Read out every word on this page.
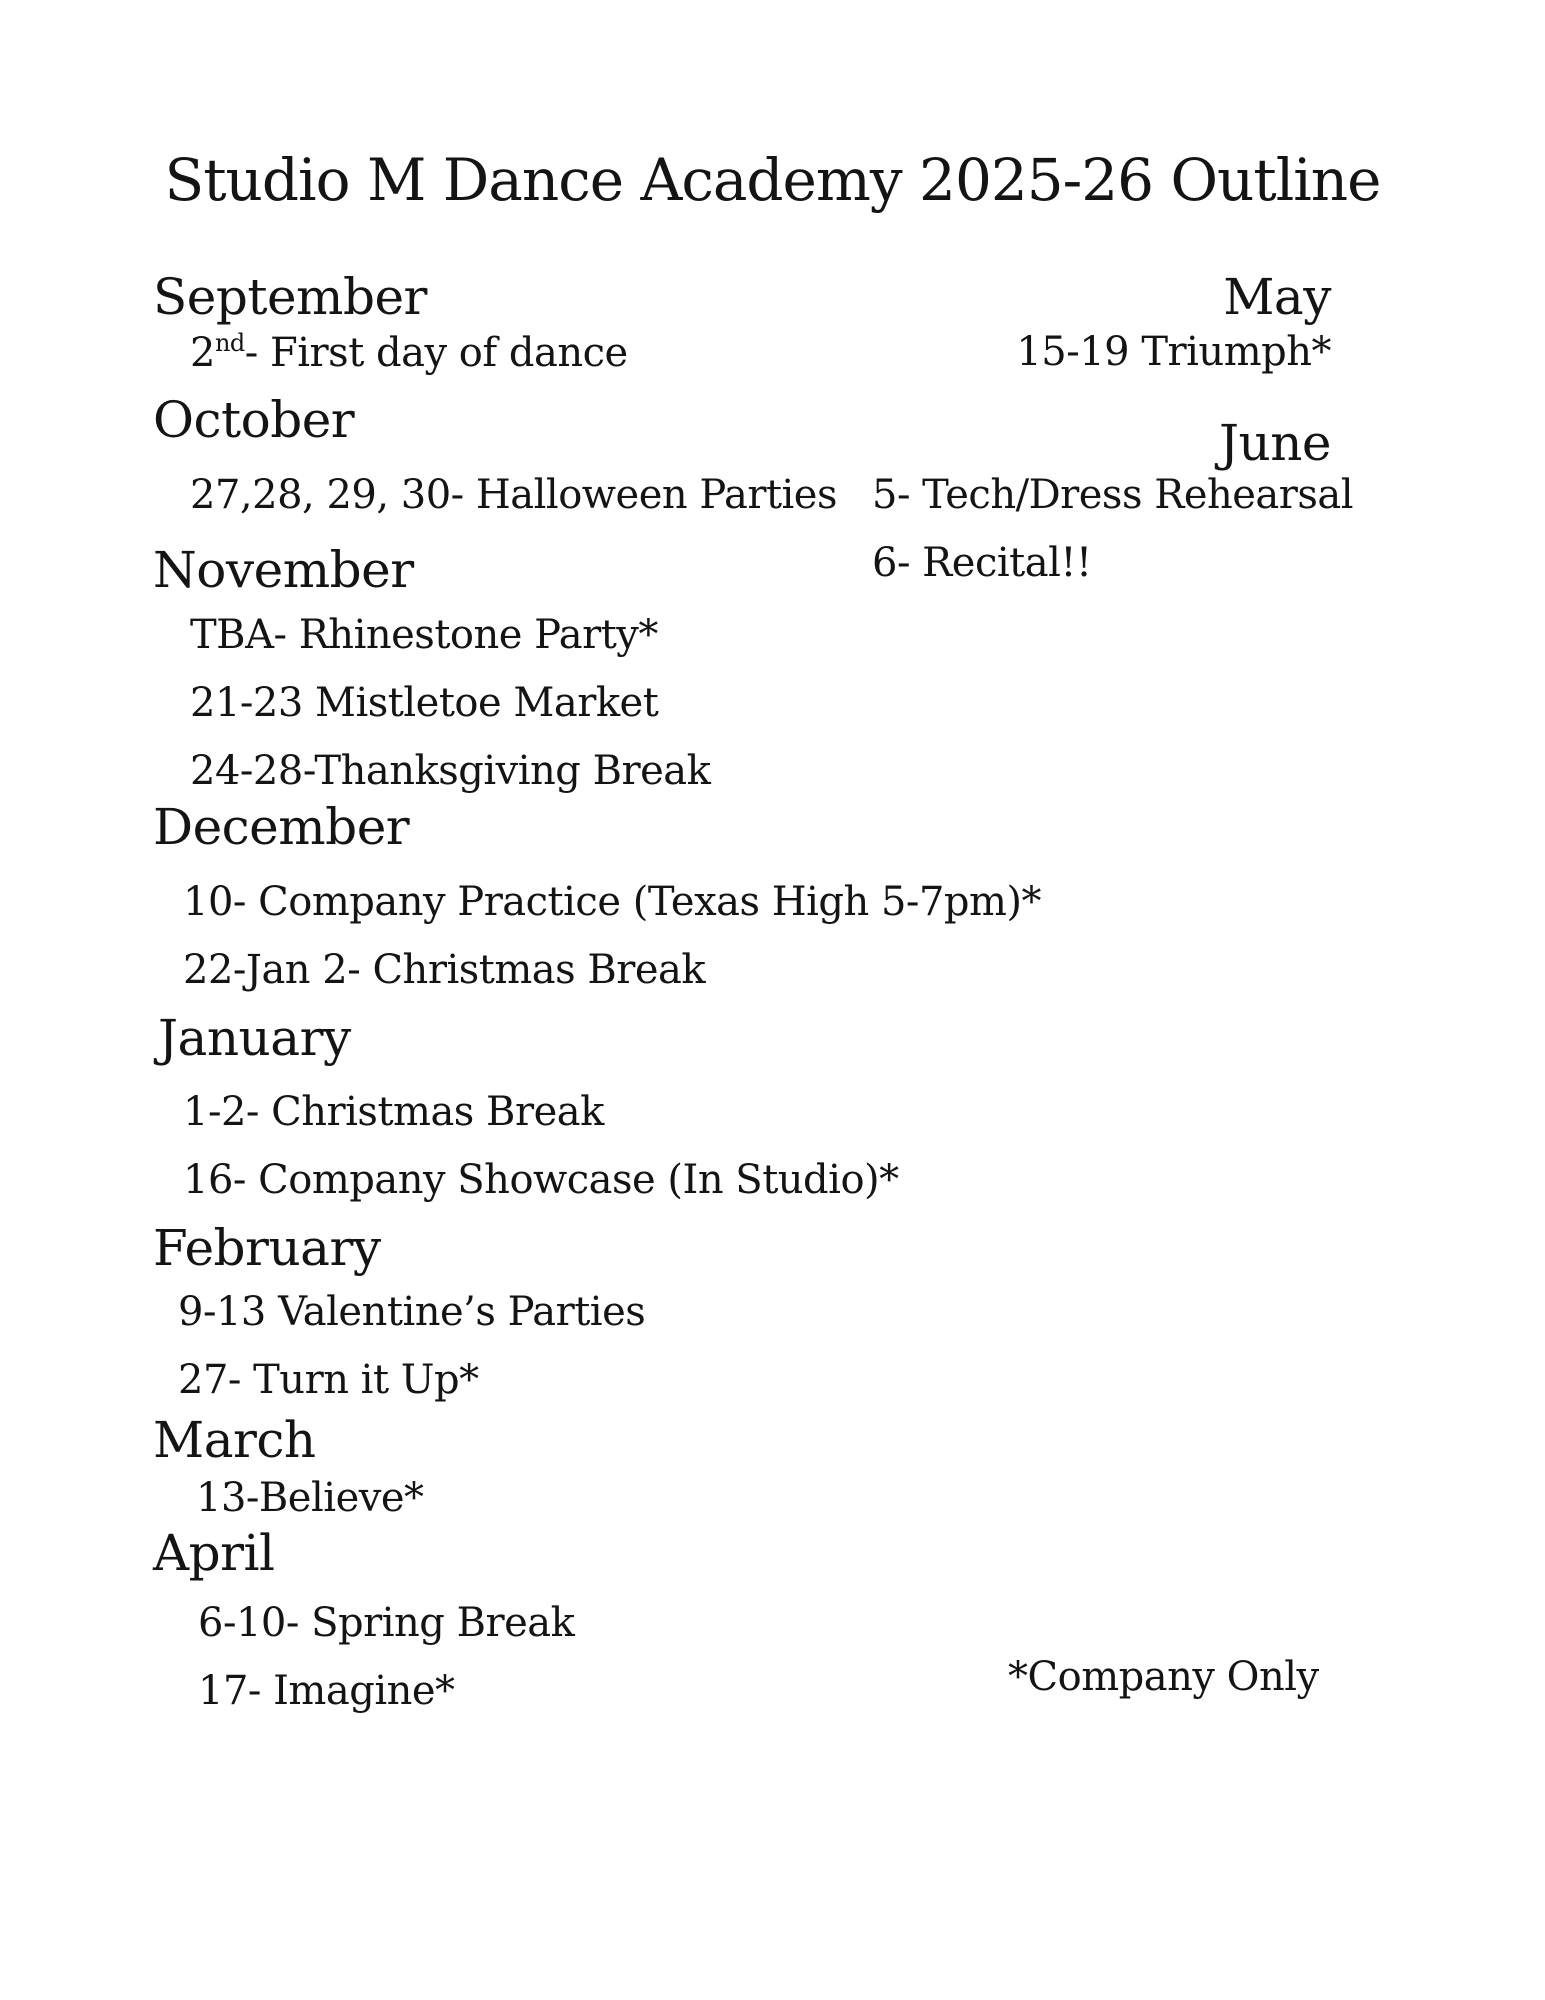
Studio M Dance Academy 2025-26 Outline
September
2nd- First day of dance
October
27,28, 29, 30- Halloween Parties
November
TBA- Rhinestone Party*
21-23 Mistletoe Market
24-28-Thanksgiving Break
December
10- Company Practice (Texas High 5-7pm)*
22-Jan 2- Christmas Break
January
1-2- Christmas Break
16- Company Showcase (In Studio)*
February
9-13 Valentine’s Parties
27- Turn it Up*
March
13-Believe*
April
6-10- Spring Break
17- Imagine*
May
15-19 Triumph*
June
5- Tech/Dress Rehearsal
6- Recital!!
*Company Only
